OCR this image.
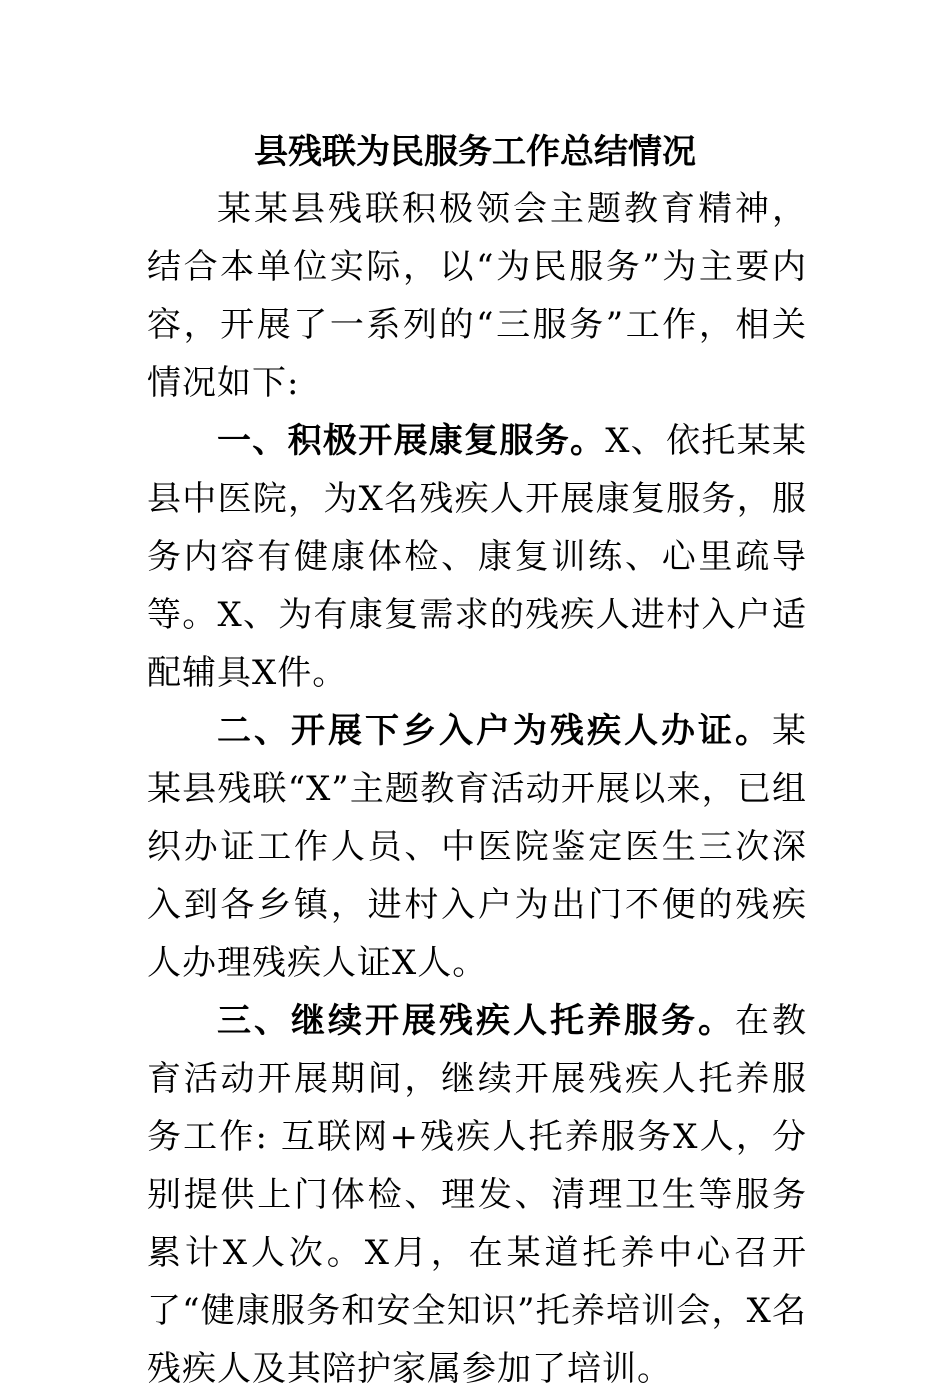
县残联为民服务工作总结情况

某某县残联积极领会主题教育精神，结合本单位实际，以“为民服务”为主要内容，开展了一系列的“三服务”工作，相关情况如下:

一、积极开展康复服务。X、依托某某县中医院，为X名残疾人开展康复服务，服务内容有健康体检、康复训练、心里疏导等。X、为有康复需求的残疾人进村入户适配辅具X件。

二、开展下乡入户为残疾人办证。某某县残联“X”主题教育活动开展以来，已组织办证工作人员、中医院鉴定医生三次深入到各乡镇，进村入户为出门不便的残疾人办理残疾人证X人。

三、继续开展残疾人托养服务。在教育活动开展期间，继续开展残疾人托养服务工作: 互联网+残疾人托养服务X人，分别提供上门体检、理发、清理卫生等服务累计X人次。X月，在某道托养中心召开了“健康服务和安全知识”托养培训会，X名残疾人及其陪护家属参加了培训。
